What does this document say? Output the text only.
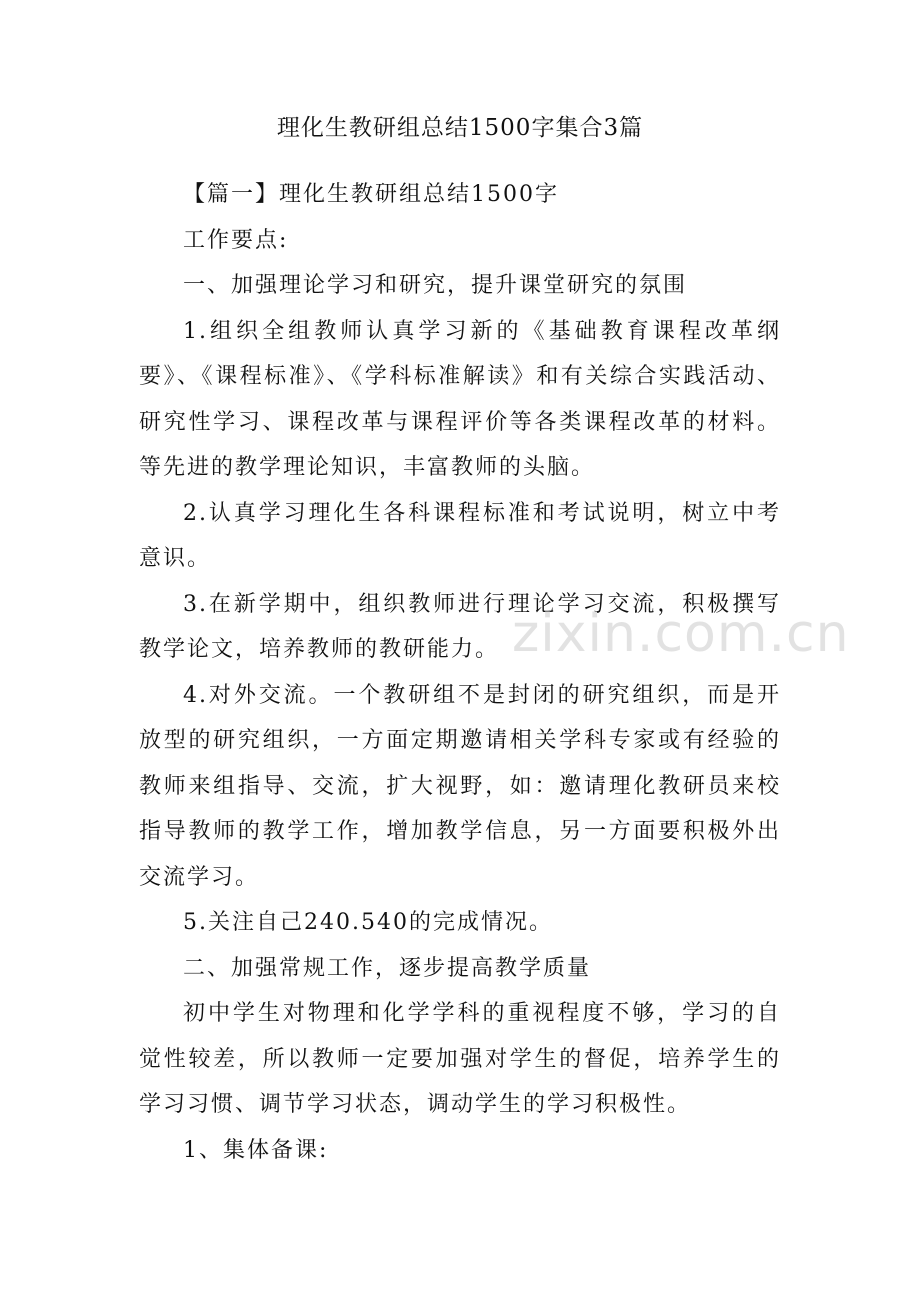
理化生教研组总结1500字集合3篇

【篇一】理化生教研组总结1500字

工作要点:

一、加强理论学习和研究，提升课堂研究的氛围

1.组织全组教师认真学习新的《基础教育课程改革纲要》、《课程标准》、《学科标准解读》和有关综合实践活动、研究性学习、课程改革与课程评价等各类课程改革的材料。等先进的教学理论知识，丰富教师的头脑。

2.认真学习理化生各科课程标准和考试说明，树立中考意识。

3.在新学期中，组织教师进行理论学习交流，积极撰写教学论文，培养教师的教研能力。

4.对外交流。一个教研组不是封闭的研究组织，而是开放型的研究组织，一方面定期邀请相关学科专家或有经验的教师来组指导、交流，扩大视野，如：邀请理化教研员来校指导教师的教学工作，增加教学信息，另一方面要积极外出交流学习。

5.关注自己240.540的完成情况。

二、加强常规工作，逐步提高教学质量

初中学生对物理和化学学科的重视程度不够，学习的自觉性较差，所以教师一定要加强对学生的督促，培养学生的学习习惯、调节学习状态，调动学生的学习积极性。

1、集体备课:

zixin.com.cn
